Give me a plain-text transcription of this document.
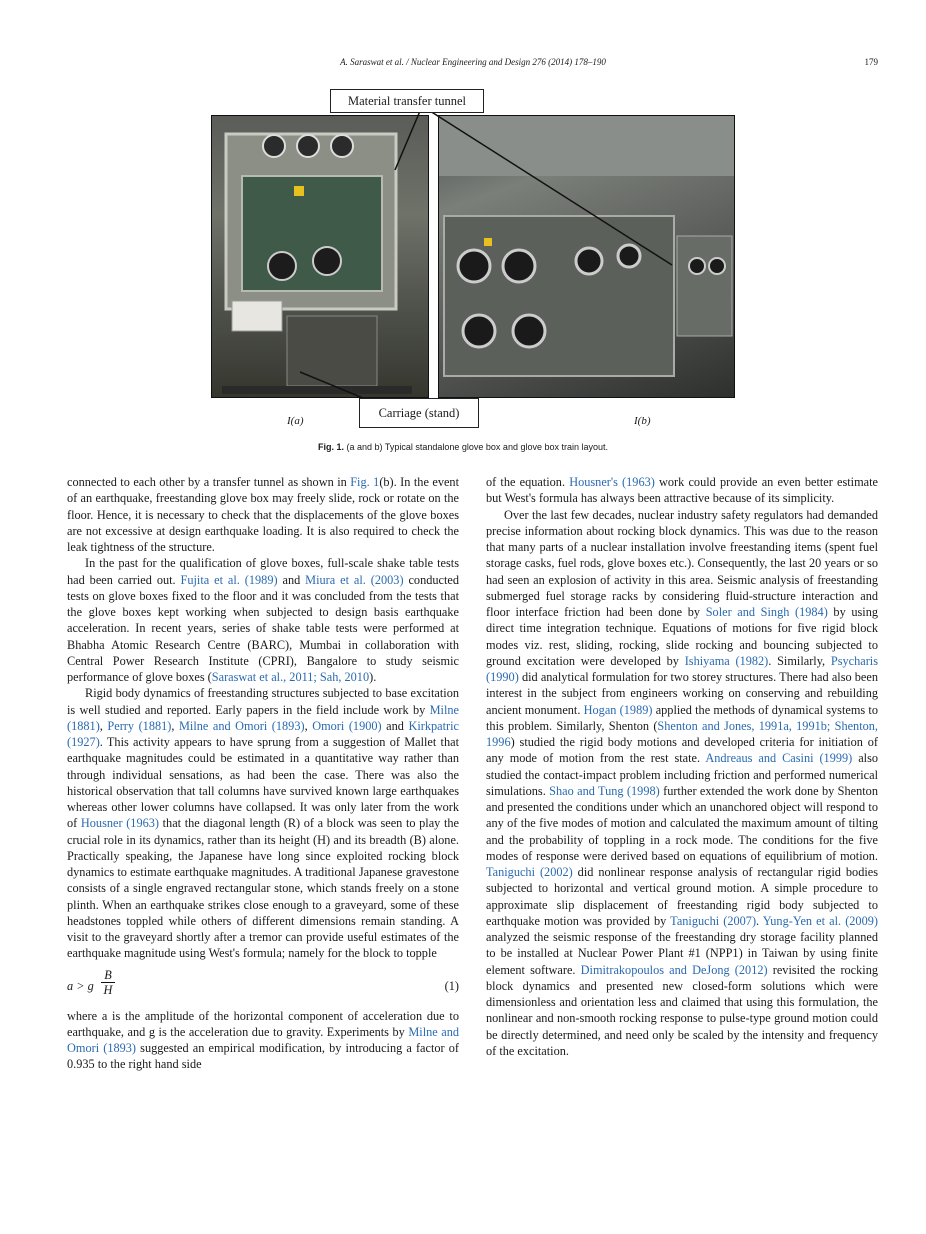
A. Saraswat et al. / Nuclear Engineering and Design 276 (2014) 178–190	179
Material transfer tunnel
Carriage (stand)
I(a)	I(b)
Fig. 1. (a and b) Typical standalone glove box and glove box train layout.

connected to each other by a transfer tunnel as shown in Fig. 1(b). In the event of an earthquake, freestanding glove box may freely slide, rock or rotate on the floor. Hence, it is necessary to check that the displacements of the glove boxes are not excessive at design earthquake loading. It is also required to check the leak tightness of the structure.

In the past for the qualification of glove boxes, full-scale shake table tests had been carried out. Fujita et al. (1989) and Miura et al. (2003) conducted tests on glove boxes fixed to the floor and it was concluded from the tests that the glove boxes kept working when subjected to design basis earthquake acceleration. In recent years, series of shake table tests were performed at Bhabha Atomic Research Centre (BARC), Mumbai in collaboration with Central Power Research Institute (CPRI), Bangalore to study seismic performance of glove boxes (Saraswat et al., 2011; Sah, 2010).

Rigid body dynamics of freestanding structures subjected to base excitation is well studied and reported. Early papers in the field include work by Milne (1881), Perry (1881), Milne and Omori (1893), Omori (1900) and Kirkpatric (1927). This activity appears to have sprung from a suggestion of Mallet that earthquake magnitudes could be estimated in a quantitative way rather than through individual sensations, as had been the case. There was also the historical observation that tall columns have survived known large earthquakes whereas other lower columns have collapsed. It was only later from the work of Housner (1963) that the diagonal length (R) of a block was seen to play the crucial role in its dynamics, rather than its height (H) and its breadth (B) alone. Practically speaking, the Japanese have long since exploited rocking block dynamics to estimate earthquake magnitudes. A traditional Japanese gravestone consists of a single engraved rectangular stone, which stands freely on a stone plinth. When an earthquake strikes close enough to a graveyard, some of these headstones toppled while others of different dimensions remain standing. A visit to the graveyard shortly after a tremor can provide useful estimates of the earthquake magnitude using West's formula; namely for the block to topple

a > g $\frac{B}{H}$	(1)

where a is the amplitude of the horizontal component of acceleration due to earthquake, and g is the acceleration due to gravity. Experiments by Milne and Omori (1893) suggested an empirical modification, by introducing a factor of 0.935 to the right hand side

of the equation. Housner's (1963) work could provide an even better estimate but West's formula has always been attractive because of its simplicity.

Over the last few decades, nuclear industry safety regulators had demanded precise information about rocking block dynamics. This was due to the reason that many parts of a nuclear installation involve freestanding items (spent fuel storage casks, fuel rods, glove boxes etc.). Consequently, the last 20 years or so had seen an explosion of activity in this area. Seismic analysis of freestanding submerged fuel storage racks by considering fluid-structure interaction and floor interface friction had been done by Soler and Singh (1984) by using direct time integration technique. Equations of motions for five rigid block modes viz. rest, sliding, rocking, slide rocking and bouncing subjected to ground excitation were developed by Ishiyama (1982). Similarly, Psycharis (1990) did analytical formulation for two storey structures. There had also been interest in the subject from engineers working on conserving and rebuilding ancient monument. Hogan (1989) applied the methods of dynamical systems to this problem. Similarly, Shenton (Shenton and Jones, 1991a, 1991b; Shenton, 1996) studied the rigid body motions and developed criteria for initiation of any mode of motion from the rest state. Andreaus and Casini (1999) also studied the contact-impact problem including friction and performed numerical simulations. Shao and Tung (1998) further extended the work done by Shenton and presented the conditions under which an unanchored object will respond to any of the five modes of motion and calculated the maximum amount of tilting and the probability of toppling in a rock mode. The conditions for the five modes of response were derived based on equations of equilibrium of motion. Taniguchi (2002) did nonlinear response analysis of rectangular rigid bodies subjected to horizontal and vertical ground motion. A simple procedure to approximate slip displacement of freestanding rigid body subjected to earthquake motion was provided by Taniguchi (2007). Yung-Yen et al. (2009) analyzed the seismic response of the freestanding dry storage facility planned to be installed at Nuclear Power Plant #1 (NPP1) in Taiwan by using finite element software. Dimitrakopoulos and DeJong (2012) revisited the rocking block dynamics and presented new closed-form solutions which were dimensionless and orientation less and claimed that using this formulation, the nonlinear and non-smooth rocking response to pulse-type ground motion could be directly determined, and need only be scaled by the intensity and frequency of the excitation.
